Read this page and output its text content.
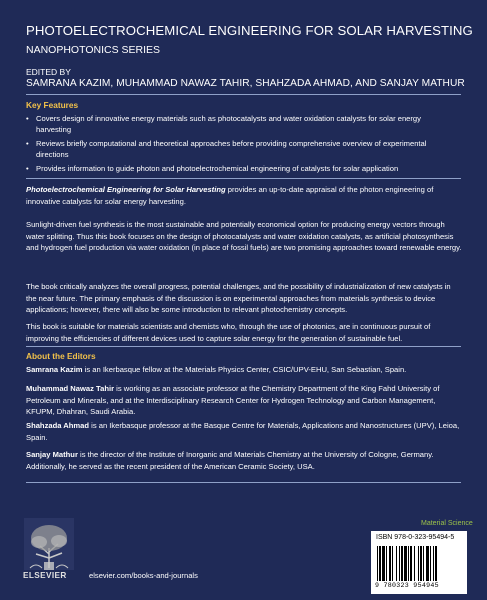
PHOTOELECTROCHEMICAL ENGINEERING FOR SOLAR HARVESTING
NANOPHOTONICS SERIES
EDITED BY
SAMRANA KAZIM, MUHAMMAD NAWAZ TAHIR, SHAHZADA AHMAD, AND SANJAY MATHUR
Key Features
• Covers design of innovative energy materials such as photocatalysts and water oxidation catalysts for solar energy harvesting
• Reviews briefly computational and theoretical approaches before providing comprehensive overview of experimental directions
• Provides information to guide photon and photoelectrochemical engineering of catalysts for solar application
Photoelectrochemical Engineering for Solar Harvesting provides an up-to-date appraisal of the photon engineering of innovative catalysts for solar energy harvesting.
Sunlight-driven fuel synthesis is the most sustainable and potentially economical option for producing energy vectors through water splitting. Thus this book focuses on the design of photocatalysts and water oxidation catalysts, as artificial photosynthesis and hydrogen fuel production via water oxidation (in place of fossil fuels) are two promising approaches toward renewable energy.
The book critically analyzes the overall progress, potential challenges, and the possibility of industrialization of new catalysts in the near future. The primary emphasis of the discussion is on experimental approaches from materials synthesis to device applications; however, there will also be some introduction to relevant photochemistry concepts.
This book is suitable for materials scientists and chemists who, through the use of photonics, are in continuous pursuit of improving the efficiencies of different devices used to capture solar energy for the generation of sustainable fuel.
About the Editors
Samrana Kazim is an Ikerbasque fellow at the Materials Physics Center, CSIC/UPV-EHU, San Sebastian, Spain.
Muhammad Nawaz Tahir is working as an associate professor at the Chemistry Department of the King Fahd University of Petroleum and Minerals, and at the Interdisciplinary Research Center for Hydrogen Technology and Carbon Management, KFUPM, Dhahran, Saudi Arabia.
Shahzada Ahmad is an Ikerbasque professor at the Basque Centre for Materials, Applications and Nanostructures (UPV), Leioa, Spain.
Sanjay Mathur is the director of the Institute of Inorganic and Materials Chemistry at the University of Cologne, Germany. Additionally, he served as the recent president of the American Ceramic Society, USA.
Material Science
ELSEVIER	elsevier.com/books-and-journals
ISBN 978-0-323-95494-5
9 780323 954945
